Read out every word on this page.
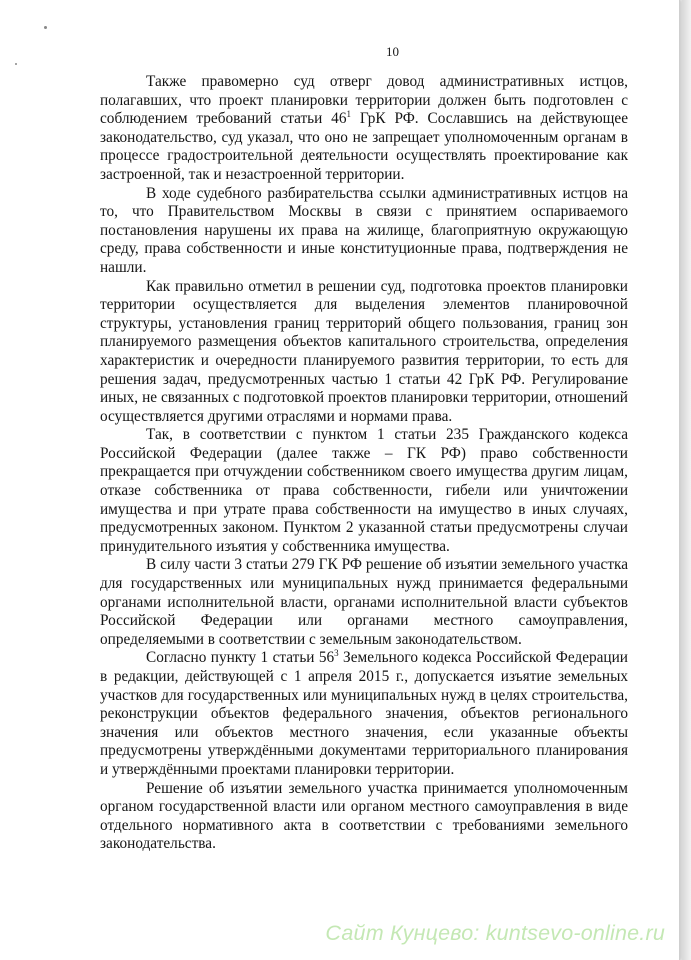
10

Также правомерно суд отверг довод административных истцов, полагавших, что проект планировки территории должен быть подготовлен с соблюдением требований статьи $46^1$ ГрК РФ. Сославшись на действующее законодательство, суд указал, что оно не запрещает уполномоченным органам в процессе градостроительной деятельности осуществлять проектирование как застроенной, так и незастроенной территории.

В ходе судебного разбирательства ссылки административных истцов на то, что Правительством Москвы в связи с принятием оспариваемого постановления нарушены их права на жилище, благоприятную окружающую среду, права собственности и иные конституционные права, подтверждения не нашли.

Как правильно отметил в решении суд, подготовка проектов планировки территории осуществляется для выделения элементов планировочной структуры, установления границ территорий общего пользования, границ зон планируемого размещения объектов капитального строительства, определения характеристик и очередности планируемого развития территории, то есть для решения задач, предусмотренных частью 1 статьи 42 ГрК РФ. Регулирование иных, не связанных с подготовкой проектов планировки территории, отношений осуществляется другими отраслями и нормами права.

Так, в соответствии с пунктом 1 статьи 235 Гражданского кодекса Российской Федерации (далее также – ГК РФ) право собственности прекращается при отчуждении собственником своего имущества другим лицам, отказе собственника от права собственности, гибели или уничтожении имущества и при утрате права собственности на имущество в иных случаях, предусмотренных законом. Пунктом 2 указанной статьи предусмотрены случаи принудительного изъятия у собственника имущества.

В силу части 3 статьи 279 ГК РФ решение об изъятии земельного участка для государственных или муниципальных нужд принимается федеральными органами исполнительной власти, органами исполнительной власти субъектов Российской Федерации или органами местного самоуправления, определяемыми в соответствии с земельным законодательством.

Согласно пункту 1 статьи $56^3$ Земельного кодекса Российской Федерации в редакции, действующей с 1 апреля 2015 г., допускается изъятие земельных участков для государственных или муниципальных нужд в целях строительства, реконструкции объектов федерального значения, объектов регионального значения или объектов местного значения, если указанные объекты предусмотрены утверждёнными документами территориального планирования и утверждёнными проектами планировки территории.

Решение об изъятии земельного участка принимается уполномоченным органом государственной власти или органом местного самоуправления в виде отдельного нормативного акта в соответствии с требованиями земельного законодательства.

Сайт Кунцево: kuntsevo-online.ru
